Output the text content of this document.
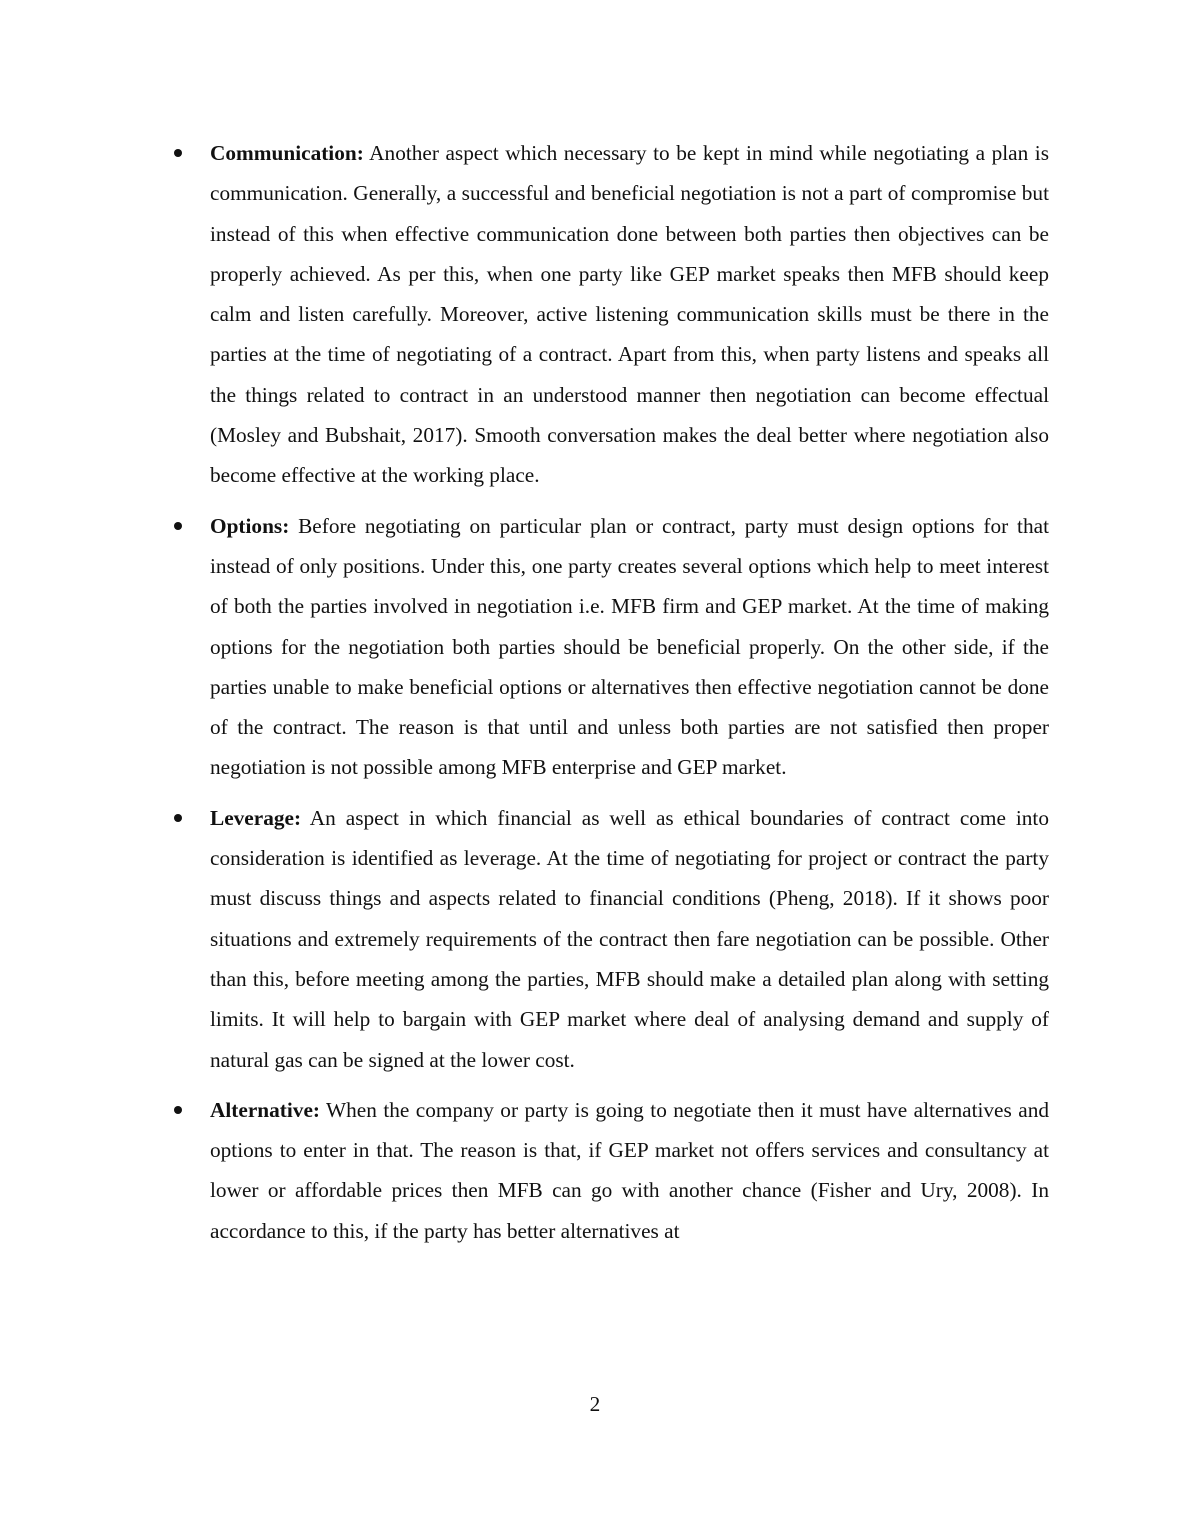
Communication: Another aspect which necessary to be kept in mind while negotiating a plan is communication. Generally, a successful and beneficial negotiation is not a part of compromise but instead of this when effective communication done between both parties then objectives can be properly achieved. As per this, when one party like GEP market speaks then MFB should keep calm and listen carefully. Moreover, active listening communication skills must be there in the parties at the time of negotiating of a contract. Apart from this, when party listens and speaks all the things related to contract in an understood manner then negotiation can become effectual (Mosley and Bubshait, 2017). Smooth conversation makes the deal better where negotiation also become effective at the working place.
Options: Before negotiating on particular plan or contract, party must design options for that instead of only positions. Under this, one party creates several options which help to meet interest of both the parties involved in negotiation i.e. MFB firm and GEP market. At the time of making options for the negotiation both parties should be beneficial properly. On the other side, if the parties unable to make beneficial options or alternatives then effective negotiation cannot be done of the contract. The reason is that until and unless both parties are not satisfied then proper negotiation is not possible among MFB enterprise and GEP market.
Leverage: An aspect in which financial as well as ethical boundaries of contract come into consideration is identified as leverage. At the time of negotiating for project or contract the party must discuss things and aspects related to financial conditions (Pheng, 2018). If it shows poor situations and extremely requirements of the contract then fare negotiation can be possible. Other than this, before meeting among the parties, MFB should make a detailed plan along with setting limits. It will help to bargain with GEP market where deal of analysing demand and supply of natural gas can be signed at the lower cost.
Alternative: When the company or party is going to negotiate then it must have alternatives and options to enter in that. The reason is that, if GEP market not offers services and consultancy at lower or affordable prices then MFB can go with another chance (Fisher and Ury, 2008). In accordance to this, if the party has better alternatives at
2
